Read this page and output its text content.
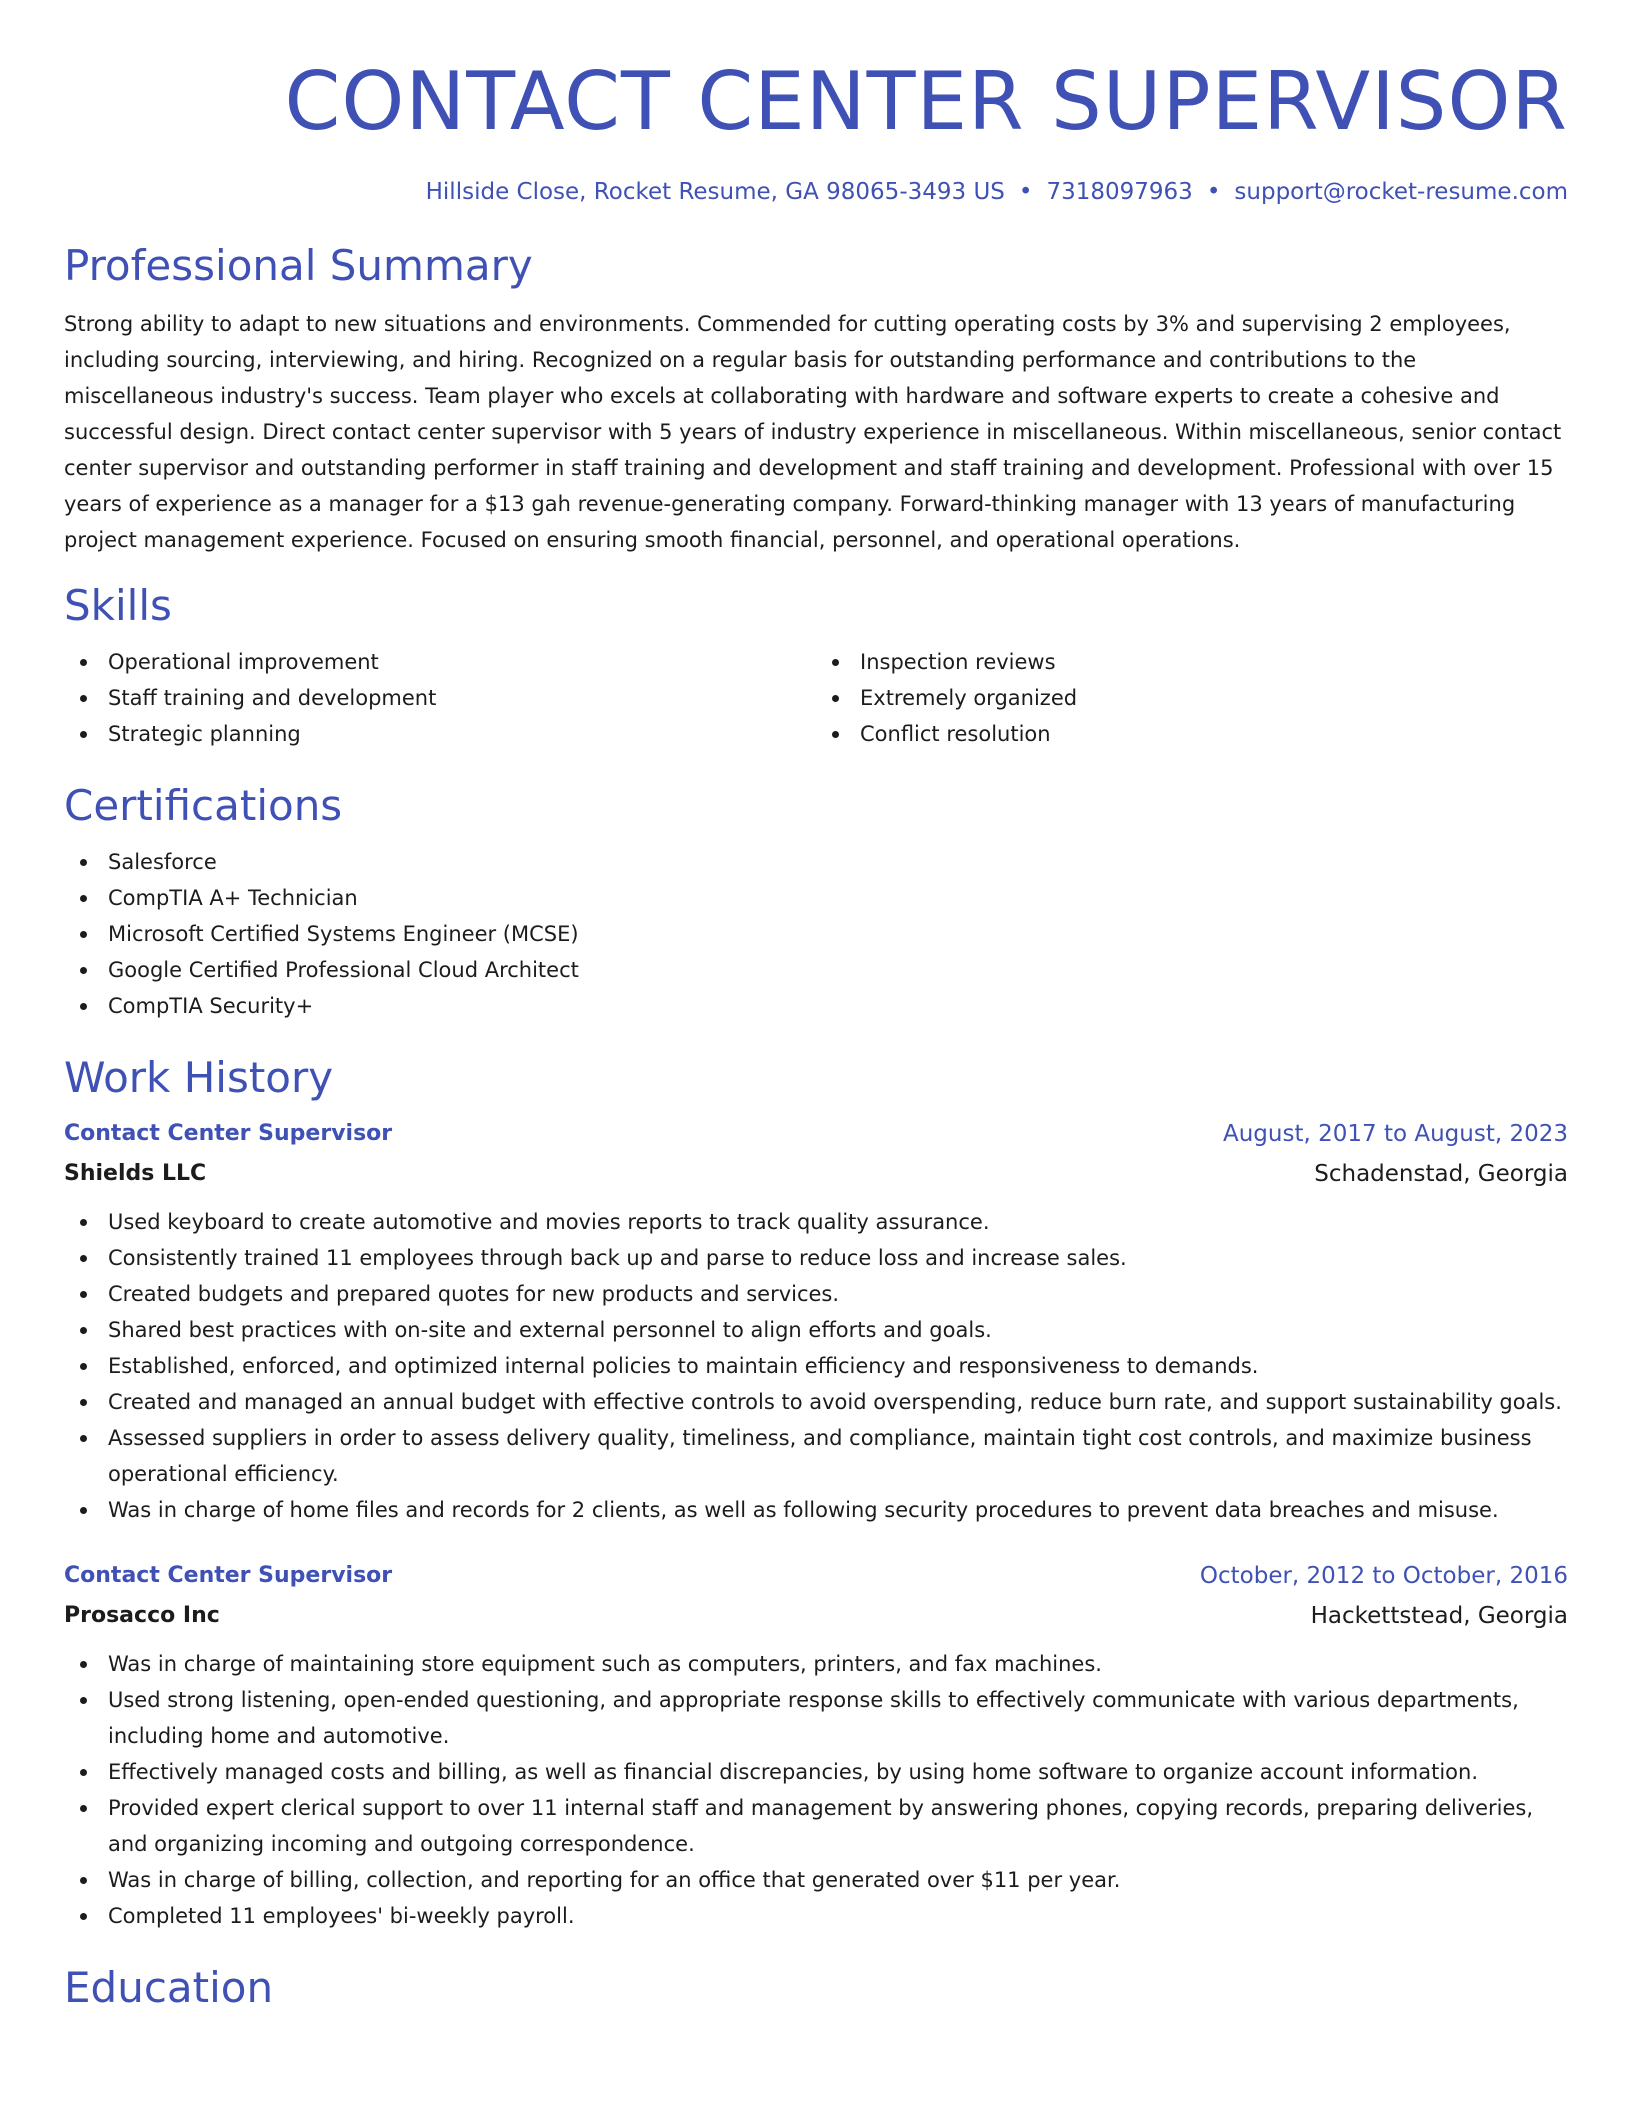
CONTACT CENTER SUPERVISOR
Hillside Close, Rocket Resume, GA 98065-3493 US • 7318097963 • support@rocket-resume.com
Professional Summary

Strong ability to adapt to new situations and environments. Commended for cutting operating costs by 3% and supervising 2 employees, including sourcing, interviewing, and hiring. Recognized on a regular basis for outstanding performance and contributions to the miscellaneous industry's success. Team player who excels at collaborating with hardware and software experts to create a cohesive and successful design. Direct contact center supervisor with 5 years of industry experience in miscellaneous. Within miscellaneous, senior contact center supervisor and outstanding performer in staff training and development and staff training and development. Professional with over 15 years of experience as a manager for a $13 gah revenue-generating company. Forward-thinking manager with 13 years of manufacturing project management experience. Focused on ensuring smooth financial, personnel, and operational operations.

Skills
Operational improvement
Staff training and development
Strategic planning
Inspection reviews
Extremely organized
Conflict resolution
Certifications
Salesforce
CompTIA A+ Technician
Microsoft Certified Systems Engineer (MCSE)
Google Certified Professional Cloud Architect
CompTIA Security+
Work History
Contact Center Supervisor	August, 2017 to August, 2023
Shields LLC	Schadenstad, Georgia
Used keyboard to create automotive and movies reports to track quality assurance.
Consistently trained 11 employees through back up and parse to reduce loss and increase sales.
Created budgets and prepared quotes for new products and services.
Shared best practices with on-site and external personnel to align efforts and goals.
Established, enforced, and optimized internal policies to maintain efficiency and responsiveness to demands.
Created and managed an annual budget with effective controls to avoid overspending, reduce burn rate, and support sustainability goals.
Assessed suppliers in order to assess delivery quality, timeliness, and compliance, maintain tight cost controls, and maximize business operational efficiency.
Was in charge of home files and records for 2 clients, as well as following security procedures to prevent data breaches and misuse.
Contact Center Supervisor	October, 2012 to October, 2016
Prosacco Inc	Hackettstead, Georgia
Was in charge of maintaining store equipment such as computers, printers, and fax machines.
Used strong listening, open-ended questioning, and appropriate response skills to effectively communicate with various departments, including home and automotive.
Effectively managed costs and billing, as well as financial discrepancies, by using home software to organize account information.
Provided expert clerical support to over 11 internal staff and management by answering phones, copying records, preparing deliveries, and organizing incoming and outgoing correspondence.
Was in charge of billing, collection, and reporting for an office that generated over $11 per year.
Completed 11 employees' bi-weekly payroll.
Education
